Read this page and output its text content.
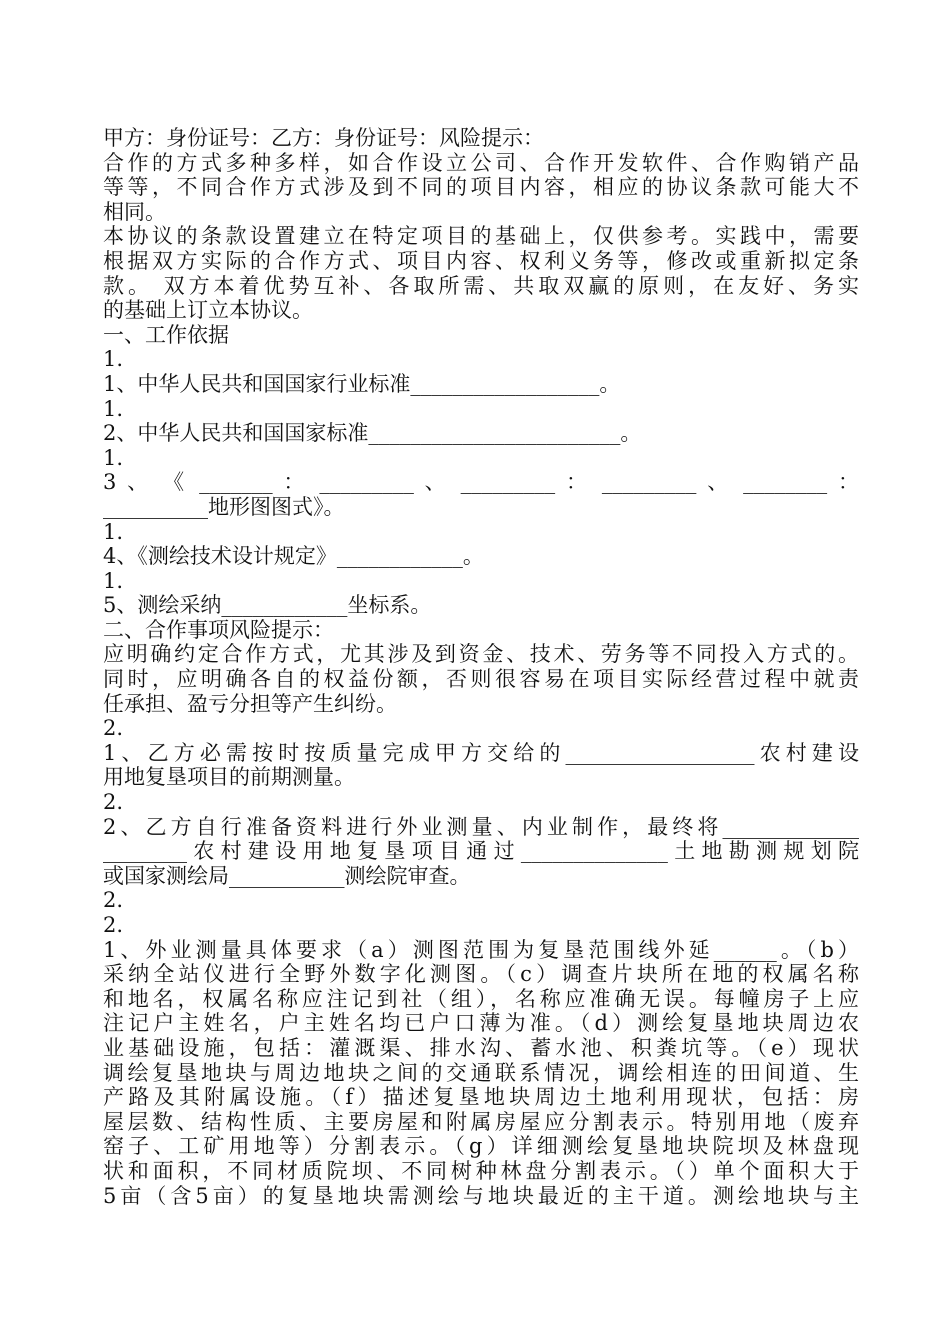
甲方：身份证号：乙方：身份证号：风险提示：
合作的方式多种多样，如合作设立公司、合作开发软件、合作购销产品
等等，不同合作方式涉及到不同的项目内容，相应的协议条款可能大不
相同。
本协议的条款设置建立在特定项目的基础上，仅供参考。实践中，需要
根据双方实际的合作方式、项目内容、权利义务等，修改或重新拟定条
款。 双方本着优势互补、各取所需、共取双赢的原则，在友好、务实
的基础上订立本协议。
一、工作依据
1.
1、中华人民共和国国家行业标准__________________。
1.
2、中华人民共和国国家标准________________________。
1.
3 、 《 _______ ： _________ 、 _________ ： _________ 、 ________ ：
__________地形图图式》。
1.
4、《测绘技术设计规定》____________。
1.
5、测绘采纳____________坐标系。
二、合作事项风险提示：
应明确约定合作方式，尤其涉及到资金、技术、劳务等不同投入方式的。
同时，应明确各自的权益份额，否则很容易在项目实际经营过程中就责
任承担、盈亏分担等产生纠纷。
2.
1、乙方必需按时按质量完成甲方交给的__________________农村建设
用地复垦项目的前期测量。
2.
2、乙方自行准备资料进行外业测量、内业制作，最终将_____________
________农村建设用地复垦项目通过______________土地勘测规划院
或国家测绘局___________测绘院审查。
2.
2.
1、外业测量具体要求（a）测图范围为复垦范围线外延______。（b）
采纳全站仪进行全野外数字化测图。（c）调查片块所在地的权属名称
和地名，权属名称应注记到社（组），名称应准确无误。每幢房子上应
注记户主姓名，户主姓名均已户口薄为准。（d）测绘复垦地块周边农
业基础设施，包括：灌溉渠、排水沟、蓄水池、积粪坑等。（e）现状
调绘复垦地块与周边地块之间的交通联系情况，调绘相连的田间道、生
产路及其附属设施。（f）描述复垦地块周边土地利用现状，包括：房
屋层数、结构性质、主要房屋和附属房屋应分割表示。特别用地（废弃
窑子、工矿用地等）分割表示。（g）详细测绘复垦地块院坝及林盘现
状和面积，不同材质院坝、不同树种林盘分割表示。（）单个面积大于
5亩（含5亩）的复垦地块需测绘与地块最近的主干道。测绘地块与主
